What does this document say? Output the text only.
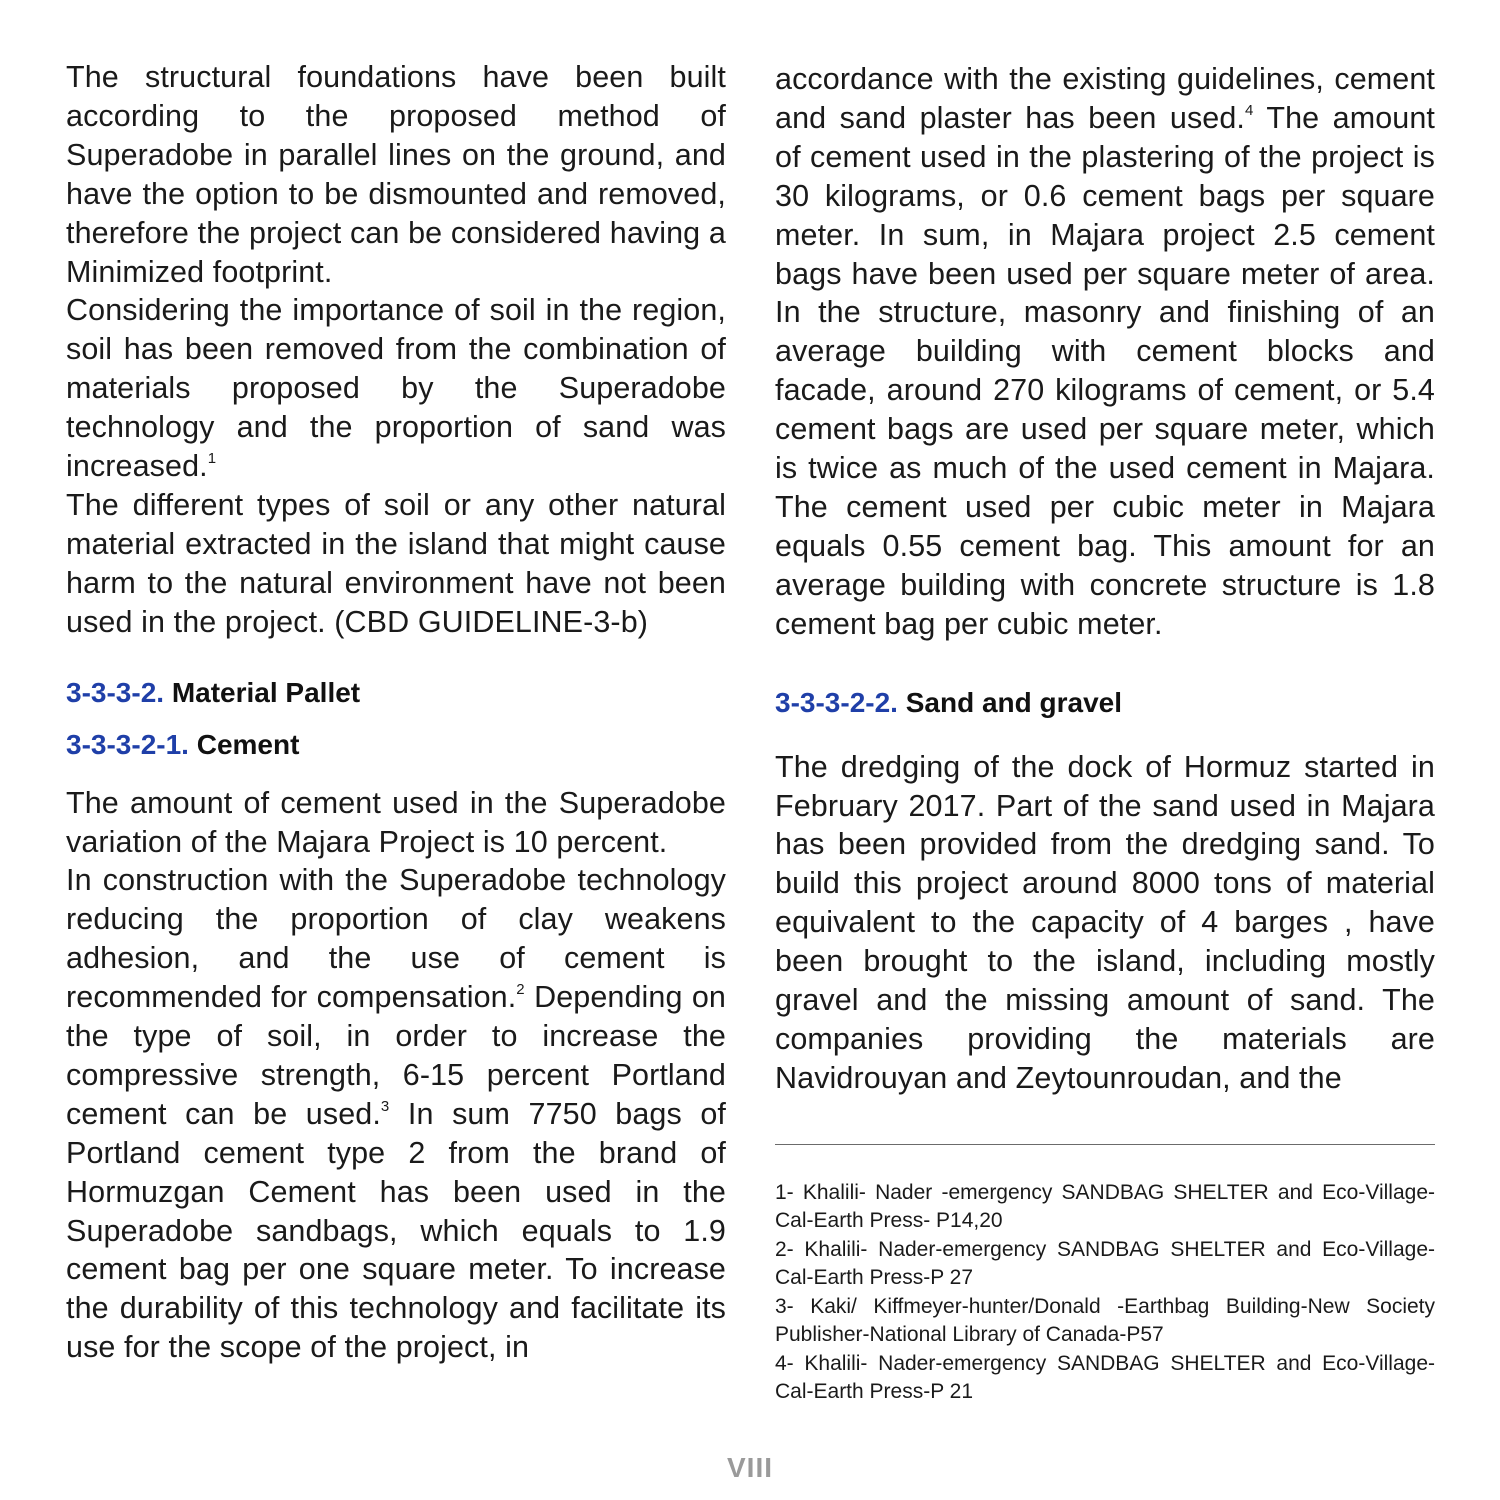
The structural foundations have been built according to the proposed method of Superadobe in parallel lines on the ground, and have the option to be dismounted and removed, therefore the project can be considered having a Minimized footprint.

Considering the importance of soil in the region, soil has been removed from the combination of materials proposed by the Superadobe technology and the proportion of sand was increased.$^1$

The different types of soil or any other natural material extracted in the island that might cause harm to the natural environment have not been used in the project. (CBD GUIDELINE-3-b)

3-3-3-2. Material Pallet
3-3-3-2-1. Cement

The amount of cement used in the Superadobe variation of the Majara Project is 10 percent.

In construction with the Superadobe technology reducing the proportion of clay weakens adhesion, and the use of cement is recommended for compensation.$^2$ Depending on the type of soil, in order to increase the compressive strength, 6-15 percent Portland cement can be used.$^3$ In sum 7750 bags of Portland cement type 2 from the brand of Hormuzgan Cement has been used in the Superadobe sandbags, which equals to 1.9 cement bag per one square meter. To increase the durability of this technology and facilitate its use for the scope of the project, in

accordance with the existing guidelines, cement and sand plaster has been used.$^4$ The amount of cement used in the plastering of the project is 30 kilograms, or 0.6 cement bags per square meter. In sum, in Majara project 2.5 cement bags have been used per square meter of area. In the structure, masonry and finishing of an average building with cement blocks and facade, around 270 kilograms of cement, or 5.4 cement bags are used per square meter, which is twice as much of the used cement in Majara. The cement used per cubic meter in Majara equals 0.55 cement bag. This amount for an average building with concrete structure is 1.8 cement bag per cubic meter.

3-3-3-2-2. Sand and gravel

The dredging of the dock of Hormuz started in February 2017. Part of the sand used in Majara has been provided from the dredging sand. To build this project around 8000 tons of material equivalent to the capacity of 4 barges , have been brought to the island, including mostly gravel and the missing amount of sand. The companies providing the materials are Navidrouyan and Zeytounroudan, and the

1- Khalili- Nader -emergency SANDBAG SHELTER and Eco-Village- Cal-Earth Press- P14,20

2- Khalili- Nader-emergency SANDBAG SHELTER and Eco-Village-Cal-Earth Press-P 27

3- Kaki/ Kiffmeyer-hunter/Donald -Earthbag Building-New Society Publisher-National Library of Canada-P57

4- Khalili- Nader-emergency SANDBAG SHELTER and Eco-Village-Cal-Earth Press-P 21

VIII
